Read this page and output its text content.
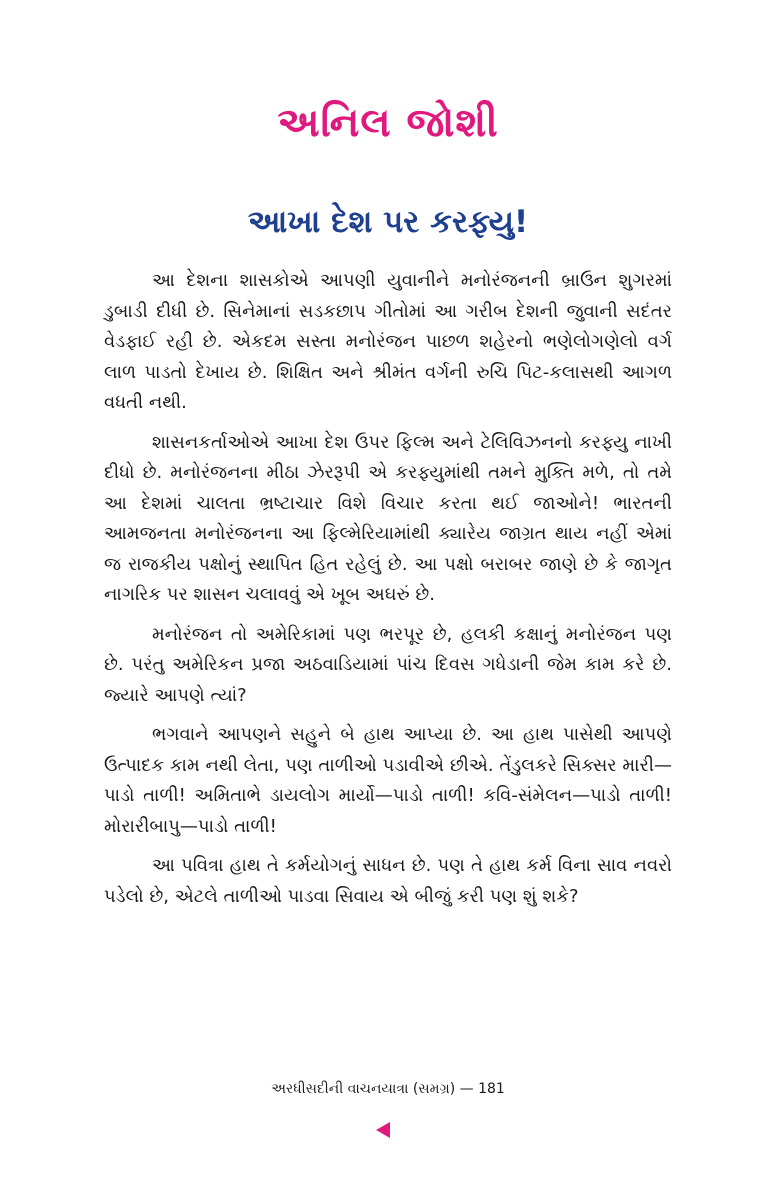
અનિલ જોશી
આખા દેશ પર કરફ્યુ!

આ દેશના શાસકોએ આપણી યુવાનીને મનોરંજનની બ્રાઉન શુગરમાં ડુબાડી દીધી છે. સિનેમાનાં સડકછાપ ગીતોમાં આ ગરીબ દેશની જુવાની સદંતર વેડફાઈ રહી છે. એકદમ સસ્તા મનોરંજન પાછળ શહેરનો ભણેલોગણેલો વર્ગ લાળ પાડતો દેખાય છે. શિક્ષિત અને શ્રીમંત વર્ગની રુચિ પિટ-કલાસથી આગળ વધતી નથી.

શાસનકર્તાઓએ આખા દેશ ઉપર ફિલ્મ અને ટેલિવિઝનનો કરફ્યુ નાખી દીધો છે. મનોરંજનના મીઠા ઝેરરૂપી એ કરફ્યુમાંથી તમને મુક્તિ મળે, તો તમે આ દેશમાં ચાલતા ભ્રષ્ટાચાર વિશે વિચાર કરતા થઈ જાઓને! ભારતની આમજનતા મનોરંજનના આ ફિલ્મેરિયામાંથી ક્યારેય જાગ્રત થાય નહીં એમાં જ રાજકીય પક્ષોનું સ્થાપિત હિત રહેલું છે. આ પક્ષો બરાબર જાણે છે કે જાગૃત નાગરિક પર શાસન ચલાવવું એ ખૂબ અઘરું છે.

મનોરંજન તો અમેરિકામાં પણ ભરપૂર છે, હલકી કક્ષાનું મનોરંજન પણ છે. પરંતુ અમેરિકન પ્રજા અઠવાડિયામાં પાંચ દિવસ ગધેડાની જેમ કામ કરે છે. જ્યારે આપણે ત્યાં?

ભગવાને આપણને સહુને બે હાથ આપ્યા છે. આ હાથ પાસેથી આપણે ઉત્પાદક કામ નથી લેતા, પણ તાળીઓ પડાવીએ છીએ. તેંડુલકરે સિક્સર મારી—પાડો તાળી! અમિતાભે ડાયલોગ માર્યો—પાડો તાળી! કવિ-સંમેલન—પાડો તાળી! મોરારીબાપુ—પાડો તાળી!

આ પવિત્રા હાથ તે કર્મયોગનું સાધન છે. પણ તે હાથ કર્મ વિના સાવ નવરો પડેલો છે, એટલે તાળીઓ પાડવા સિવાય એ બીજું કરી પણ શું શકે?

અરધીસદીની વાચનયાત્રા (સમગ્ર) — 181
